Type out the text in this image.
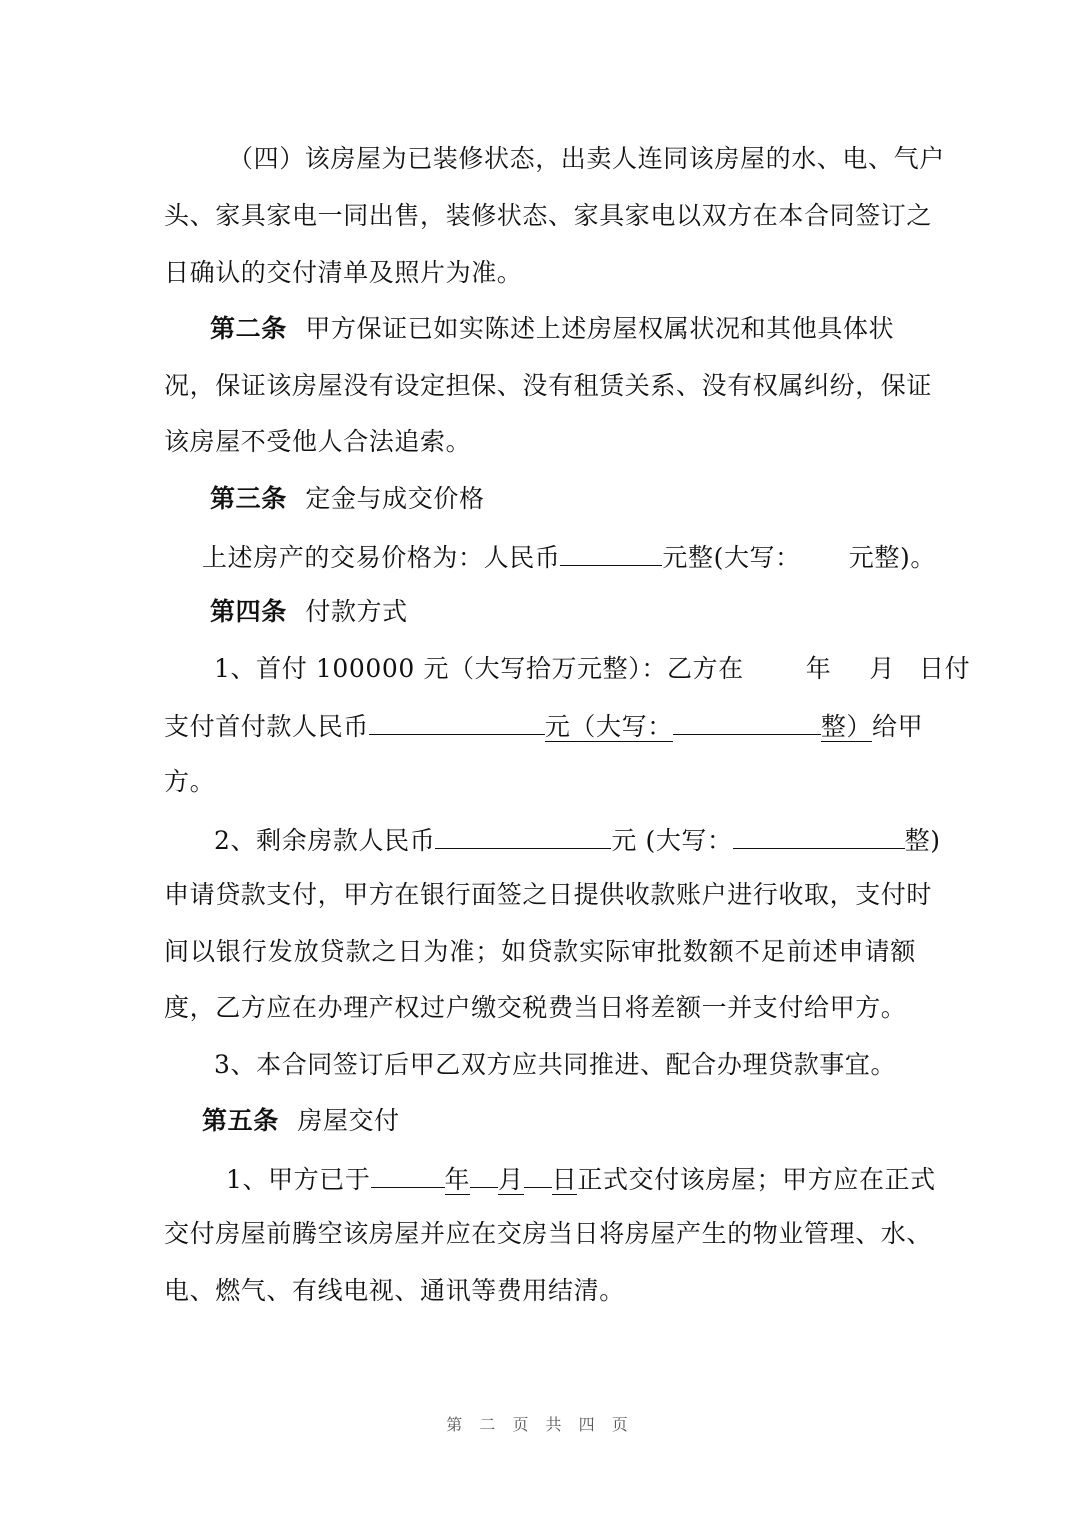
（四）该房屋为已装修状态，出卖人连同该房屋的水、电、气户
头、家具家电一同出售，装修状态、家具家电以双方在本合同签订之
日确认的交付清单及照片为准。
第二条 甲方保证已如实陈述上述房屋权属状况和其他具体状
况，保证该房屋没有设定担保、没有租赁关系、没有权属纠纷，保证
该房屋不受他人合法追索。
第三条 定金与成交价格
上述房产的交易价格为：人民币	元整(大写： 元整)。
第四条 付款方式
1、首付 100000 元（大写拾万元整）：乙方在 年 月 日付
支付首付款人民币	元（大写：	整）给甲
方。
2、剩余房款人民币	元 (大写：	整)
申请贷款支付，甲方在银行面签之日提供收款账户进行收取，支付时
间以银行发放贷款之日为准；如贷款实际审批数额不足前述申请额
度，乙方应在办理产权过户缴交税费当日将差额一并支付给甲方。
3、本合同签订后甲乙双方应共同推进、配合办理贷款事宜。
第五条 房屋交付
1、甲方已于	年 月 日正式交付该房屋；甲方应在正式
交付房屋前腾空该房屋并应在交房当日将房屋产生的物业管理、水、
电、燃气、有线电视、通讯等费用结清。
第 二 页 共 四 页
